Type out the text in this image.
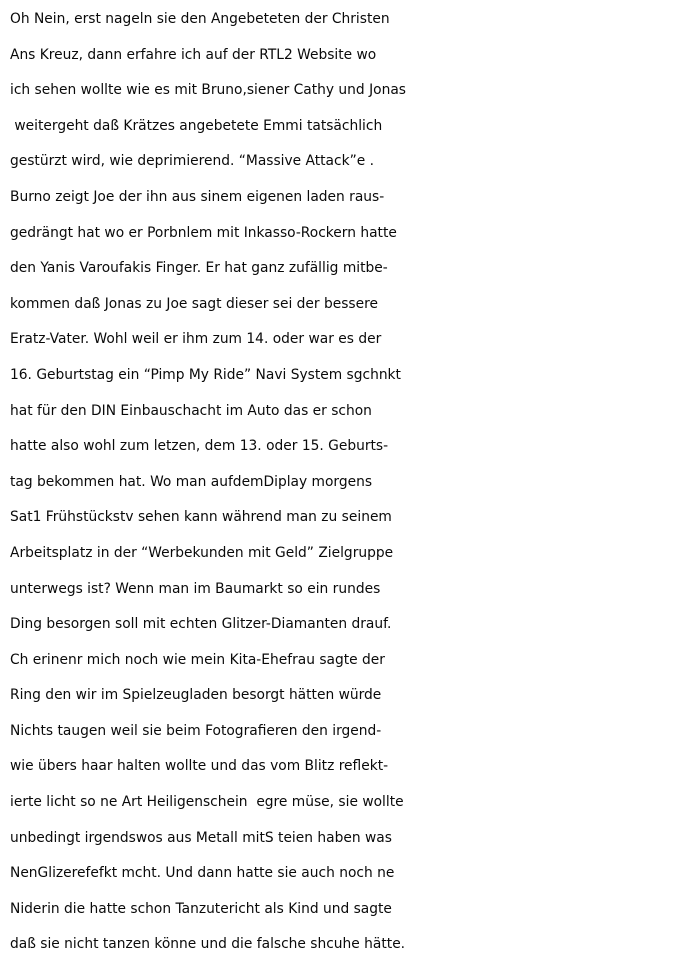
Oh Nein, erst nageln sie den Angebeteten der Christen
Ans Kreuz, dann erfahre ich auf der RTL2 Website wo
ich sehen wollte wie es mit Bruno,siener Cathy und Jonas
weitergeht daß Krätzes angebetete Emmi tatsächlich
gestürzt wird, wie deprimierend. “Massive Attack”e .
Burno zeigt Joe der ihn aus sinem eigenen laden raus-
gedrängt hat wo er Porbnlem mit Inkasso-Rockern hatte
den Yanis Varoufakis Finger. Er hat ganz zufällig mitbe-
kommen daß Jonas zu Joe sagt dieser sei der bessere
Eratz-Vater. Wohl weil er ihm zum 14. oder war es der
16. Geburtstag ein “Pimp My Ride” Navi System sgchnkt
hat für den DIN Einbauschacht im Auto das er schon
hatte also wohl zum letzen, dem 13. oder 15. Geburts-
tag bekommen hat. Wo man aufdemDiplay morgens
Sat1 Frühstückstv sehen kann während man zu seinem
Arbeitsplatz in der “Werbekunden mit Geld” Zielgruppe
unterwegs ist? Wenn man im Baumarkt so ein rundes
Ding besorgen soll mit echten Glitzer-Diamanten drauf.
Ch erinenr mich noch wie mein Kita-Ehefrau sagte der
Ring den wir im Spielzeugladen besorgt hätten würde
Nichts taugen weil sie beim Fotografieren den irgend-
wie übers haar halten wollte und das vom Blitz reflekt-
ierte licht so ne Art Heiligenschein  egre müse, sie wollte
unbedingt irgendswos aus Metall mitS teien haben was
NenGlizerefefkt mcht. Und dann hatte sie auch noch ne
Niderin die hatte schon Tanzutericht als Kind und sagte
daß sie nicht tanzen könne und die falsche shcuhe hätte.
